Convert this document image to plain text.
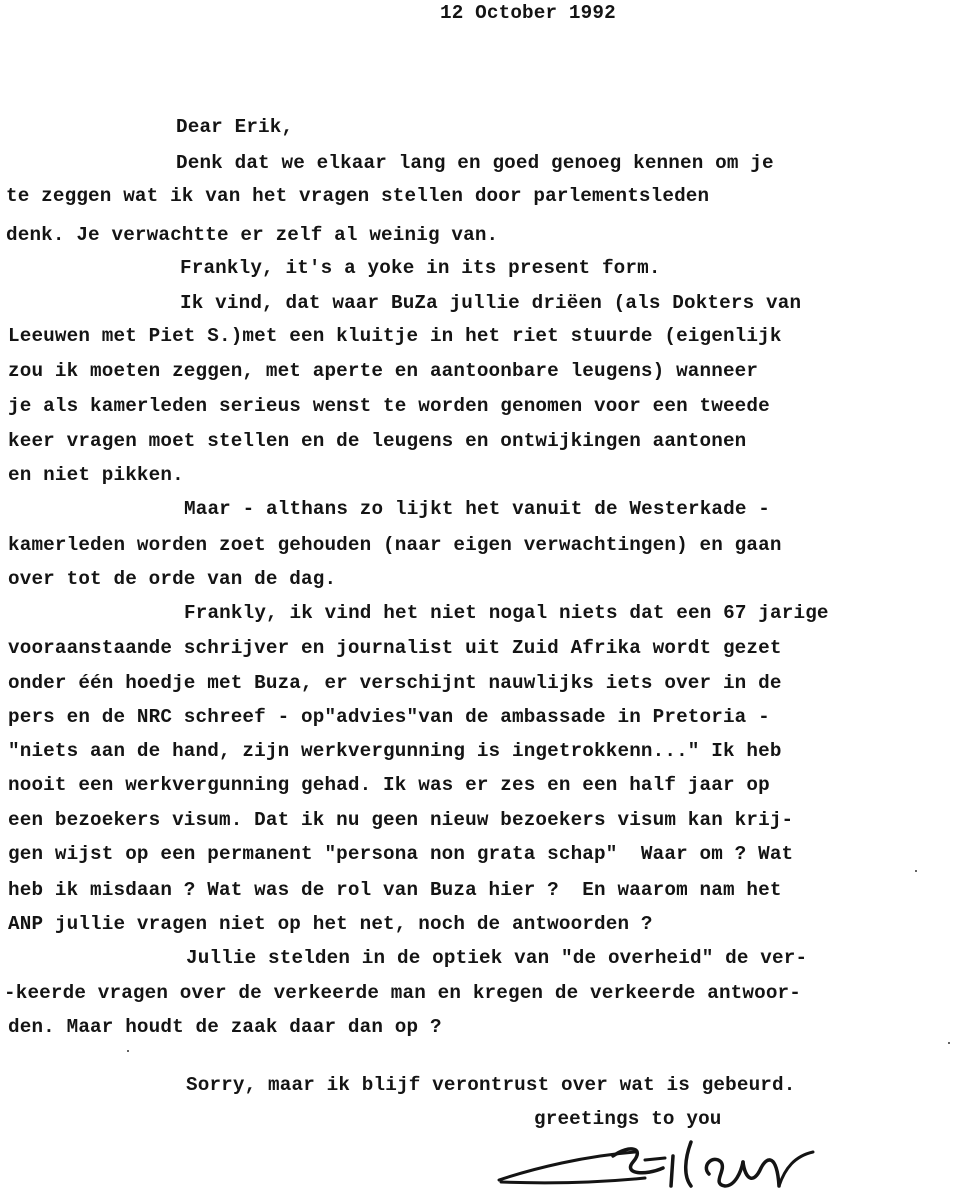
12 October 1992
Dear Erik,
Denk dat we elkaar lang en goed genoeg kennen om je
te zeggen wat ik van het vragen stellen door parlementsleden
denk. Je verwachtte er zelf al weinig van.
Frankly, it's a yoke in its present form.
Ik vind, dat waar BuZa jullie driëen (als Dokters van
Leeuwen met Piet S.)met een kluitje in het riet stuurde (eigenlijk
zou ik moeten zeggen, met aperte en aantoonbare leugens) wanneer
je als kamerleden serieus wenst te worden genomen voor een tweede
keer vragen moet stellen en de leugens en ontwijkingen aantonen
en niet pikken.
Maar - althans zo lijkt het vanuit de Westerkade -
kamerleden worden zoet gehouden (naar eigen verwachtingen) en gaan
over tot de orde van de dag.
Frankly, ik vind het niet nogal niets dat een 67 jarige
vooraanstaande schrijver en journalist uit Zuid Afrika wordt gezet
onder één hoedje met Buza, er verschijnt nauwlijks iets over in de
pers en de NRC schreef - op"advies"van de ambassade in Pretoria -
"niets aan de hand, zijn werkvergunning is ingetrokkenn..." Ik heb
nooit een werkvergunning gehad. Ik was er zes en een half jaar op
een bezoekers visum. Dat ik nu geen nieuw bezoekers visum kan krij-
gen wijst op een permanent "persona non grata schap"  Waar om ? Wat
heb ik misdaan ? Wat was de rol van Buza hier ?  En waarom nam het
ANP jullie vragen niet op het net, noch de antwoorden ?
Jullie stelden in de optiek van "de overheid" de ver-
-keerde vragen over de verkeerde man en kregen de verkeerde antwoor-
den. Maar houdt de zaak daar dan op ?
Sorry, maar ik blijf verontrust over wat is gebeurd.
greetings to you
